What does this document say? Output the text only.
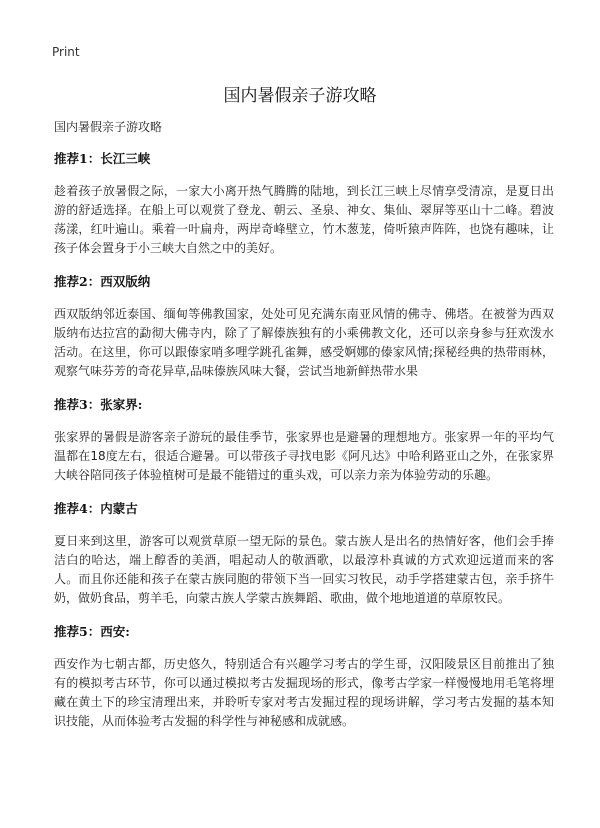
Print
国内暑假亲子游攻略

国内暑假亲子游攻略

推荐1：长江三峡

趁着孩子放暑假之际，一家大小离开热气腾腾的陆地，到长江三峡上尽情享受清凉，是夏日出游的舒适选择。在船上可以观赏了登龙、朝云、圣泉、神女、集仙、翠屏等巫山十二峰。碧波荡漾，红叶遍山。乘着一叶扁舟，两岸奇峰壁立，竹木葱茏，倚听猿声阵阵，也饶有趣味，让孩子体会置身于小三峡大自然之中的美好。

推荐2：西双版纳

西双版纳邻近泰国、缅甸等佛教国家，处处可见充满东南亚风情的佛寺、佛塔。在被誉为西双版纳布达拉宫的勐彻大佛寺内，除了了解傣族独有的小乘佛教文化，还可以亲身参与狂欢泼水活动。在这里，你可以跟傣家哨多哩学跳孔雀舞，感受婀娜的傣家风情;探秘经典的热带雨林，观察气味芬芳的奇花异草,品味傣族风味大餐，尝试当地新鲜热带水果

推荐3：张家界:

张家界的暑假是游客亲子游玩的最佳季节，张家界也是避暑的理想地方。张家界一年的平均气温都在18度左右，很适合避暑。可以带孩子寻找电影《阿凡达》中哈利路亚山之外，在张家界大峡谷陪同孩子体验植树可是最不能错过的重头戏，可以亲力亲为体验劳动的乐趣。

推荐4：内蒙古

夏日来到这里，游客可以观赏草原一望无际的景色。蒙古族人是出名的热情好客，他们会手捧洁白的哈达，端上醇香的美酒，唱起动人的敬酒歌，以最淳朴真诚的方式欢迎远道而来的客人。而且你还能和孩子在蒙古族同胞的带领下当一回实习牧民，动手学搭建蒙古包，亲手挤牛奶，做奶食品，剪羊毛，向蒙古族人学蒙古族舞蹈、歌曲，做个地地道道的草原牧民。

推荐5：西安:

西安作为七朝古都，历史悠久，特别适合有兴趣学习考古的学生哥，汉阳陵景区目前推出了独有的模拟考古环节，你可以通过模拟考古发掘现场的形式，像考古学家一样慢慢地用毛笔将埋藏在黄土下的珍宝清理出来，并聆听专家对考古发掘过程的现场讲解，学习考古发掘的基本知识技能，从而体验考古发掘的科学性与神秘感和成就感。
